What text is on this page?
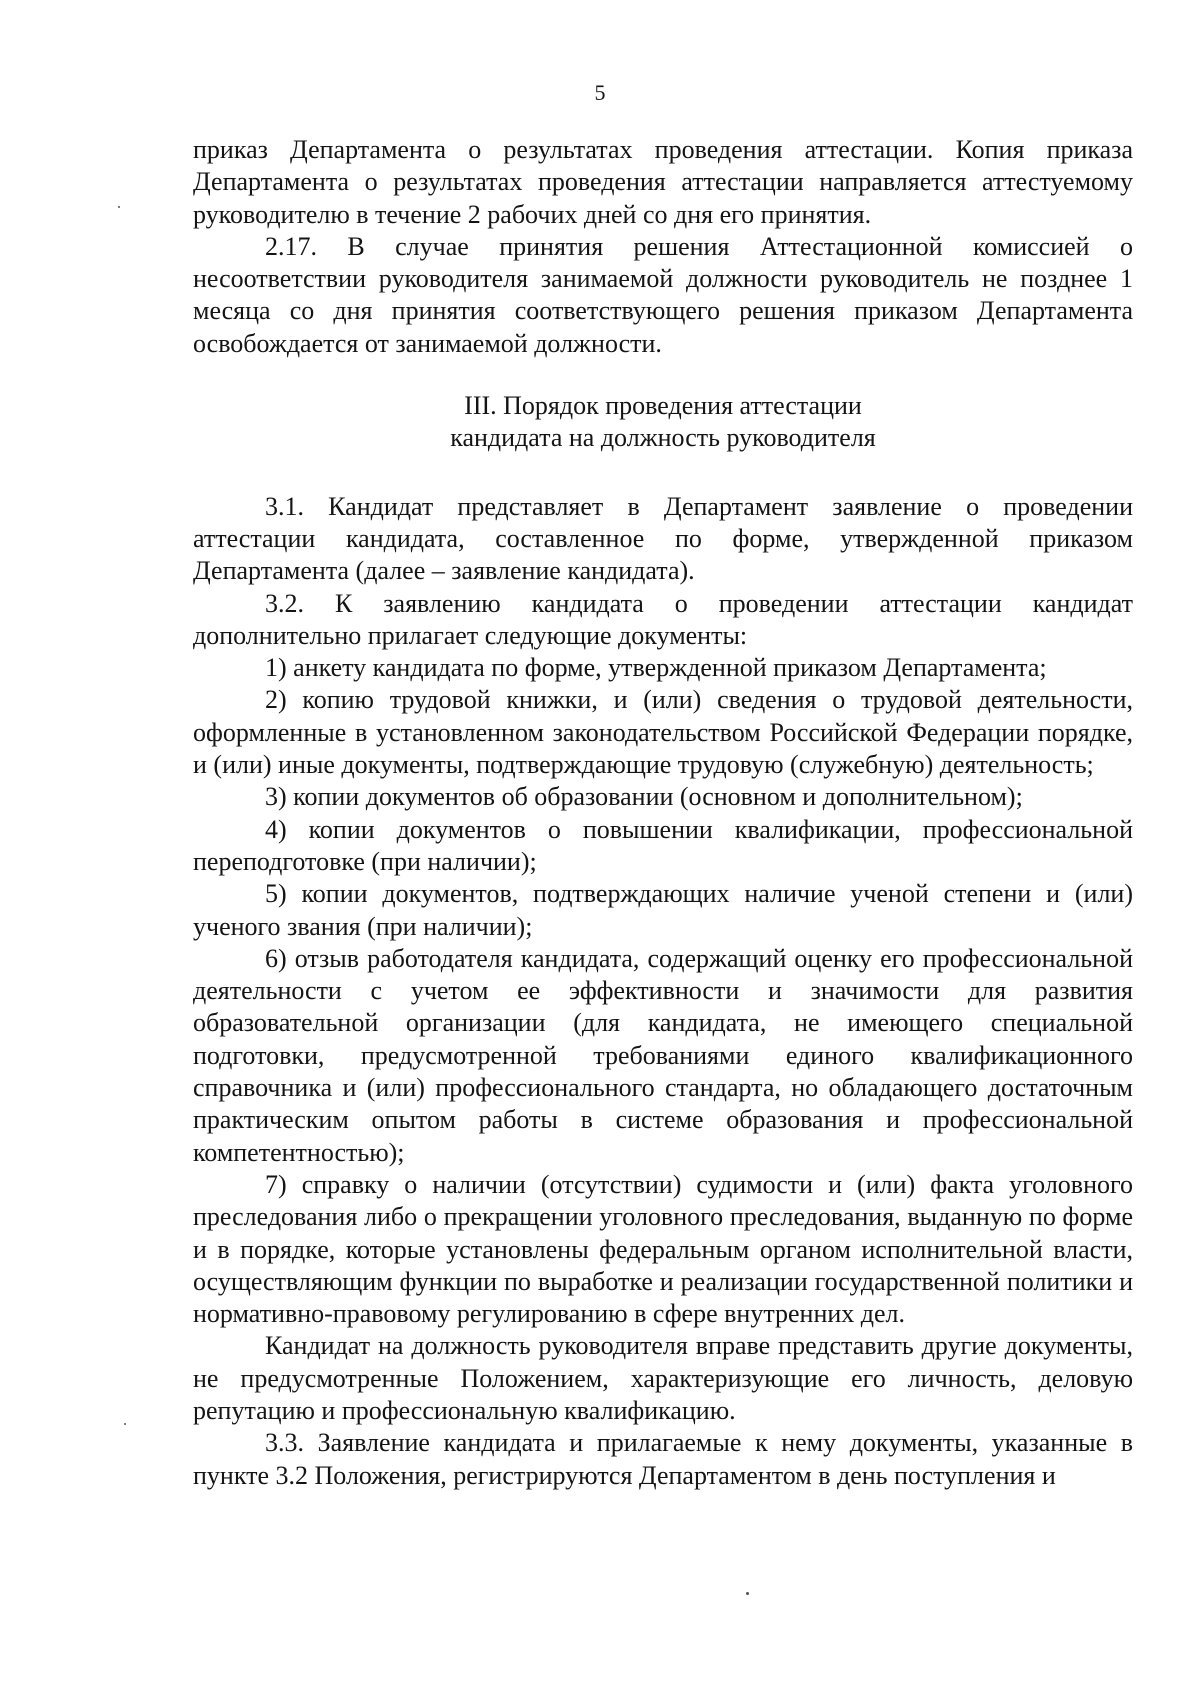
5

приказ Департамента о результатах проведения аттестации. Копия приказа Департамента о результатах проведения аттестации направляется аттестуемому руководителю в течение 2 рабочих дней со дня его принятия.

2.17. В случае принятия решения Аттестационной комиссией о несоответствии руководителя занимаемой должности руководитель не позднее 1 месяца со дня принятия соответствующего решения приказом Департамента освобождается от занимаемой должности.

III. Порядок проведения аттестации
кандидата на должность руководителя

3.1. Кандидат представляет в Департамент заявление о проведении аттестации кандидата, составленное по форме, утвержденной приказом Департамента (далее – заявление кандидата).

3.2. К заявлению кандидата о проведении аттестации кандидат дополнительно прилагает следующие документы:

1) анкету кандидата по форме, утвержденной приказом Департамента;

2) копию трудовой книжки, и (или) сведения о трудовой деятельности, оформленные в установленном законодательством Российской Федерации порядке, и (или) иные документы, подтверждающие трудовую (служебную) деятельность;

3) копии документов об образовании (основном и дополнительном);

4) копии документов о повышении квалификации, профессиональной переподготовке (при наличии);

5) копии документов, подтверждающих наличие ученой степени и (или) ученого звания (при наличии);

6) отзыв работодателя кандидата, содержащий оценку его профессиональной деятельности с учетом ее эффективности и значимости для развития образовательной организации (для кандидата, не имеющего специальной подготовки, предусмотренной требованиями единого квалификационного справочника и (или) профессионального стандарта, но обладающего достаточным практическим опытом работы в системе образования и профессиональной компетентностью);

7) справку о наличии (отсутствии) судимости и (или) факта уголовного преследования либо о прекращении уголовного преследования, выданную по форме и в порядке, которые установлены федеральным органом исполнительной власти, осуществляющим функции по выработке и реализации государственной политики и нормативно-правовому регулированию в сфере внутренних дел.

Кандидат на должность руководителя вправе представить другие документы, не предусмотренные Положением, характеризующие его личность, деловую репутацию и профессиональную квалификацию.

3.3. Заявление кандидата и прилагаемые к нему документы, указанные в пункте 3.2 Положения, регистрируются Департаментом в день поступления и
